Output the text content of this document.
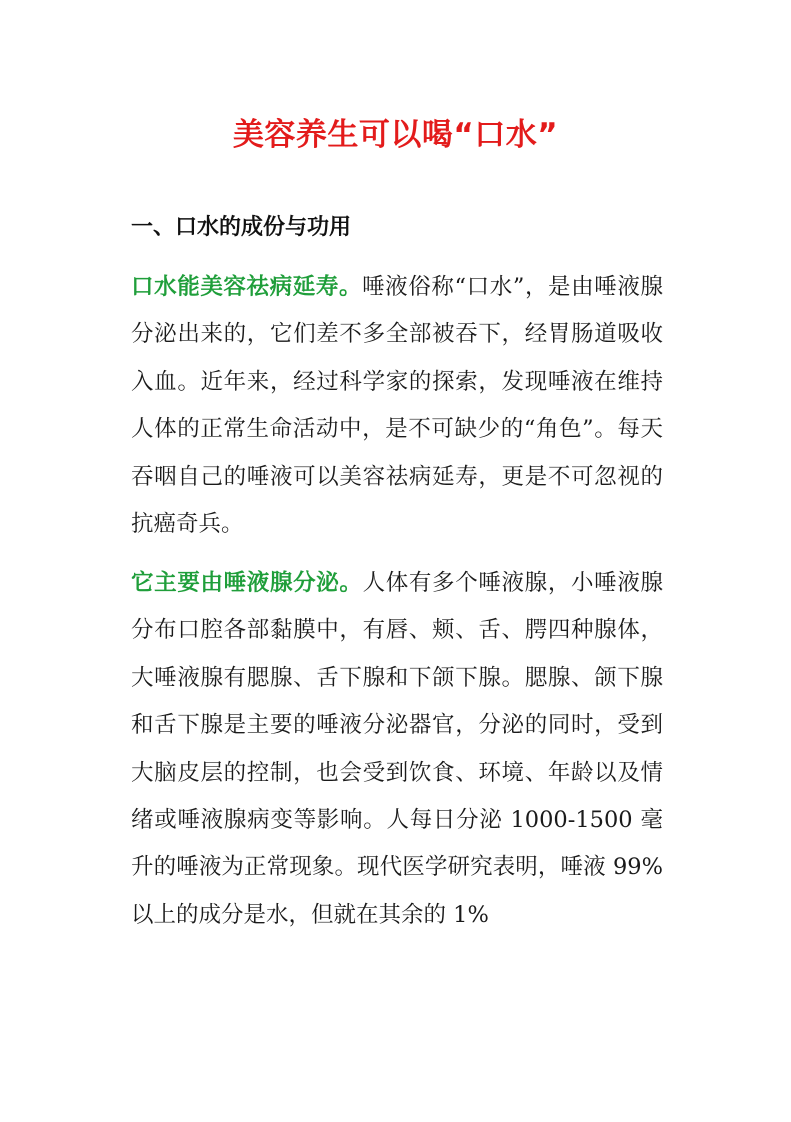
美容养生可以喝“口水”
一、口水的成份与功用

口水能美容祛病延寿。唾液俗称“口水”，是由唾液腺分泌出来的，它们差不多全部被吞下，经胃肠道吸收入血。近年来，经过科学家的探索，发现唾液在维持人体的正常生命活动中，是不可缺少的“角色”。每天吞咽自己的唾液可以美容祛病延寿，更是不可忽视的抗癌奇兵。

它主要由唾液腺分泌。人体有多个唾液腺，小唾液腺分布口腔各部黏膜中，有唇、颊、舌、腭四种腺体，大唾液腺有腮腺、舌下腺和下颌下腺。腮腺、颌下腺和舌下腺是主要的唾液分泌器官，分泌的同时，受到大脑皮层的控制，也会受到饮食、环境、年龄以及情绪或唾液腺病变等影响。人每日分泌 1000-1500 毫升的唾液为正常现象。现代医学研究表明，唾液 99%以上的成分是水，但就在其余的 1%
